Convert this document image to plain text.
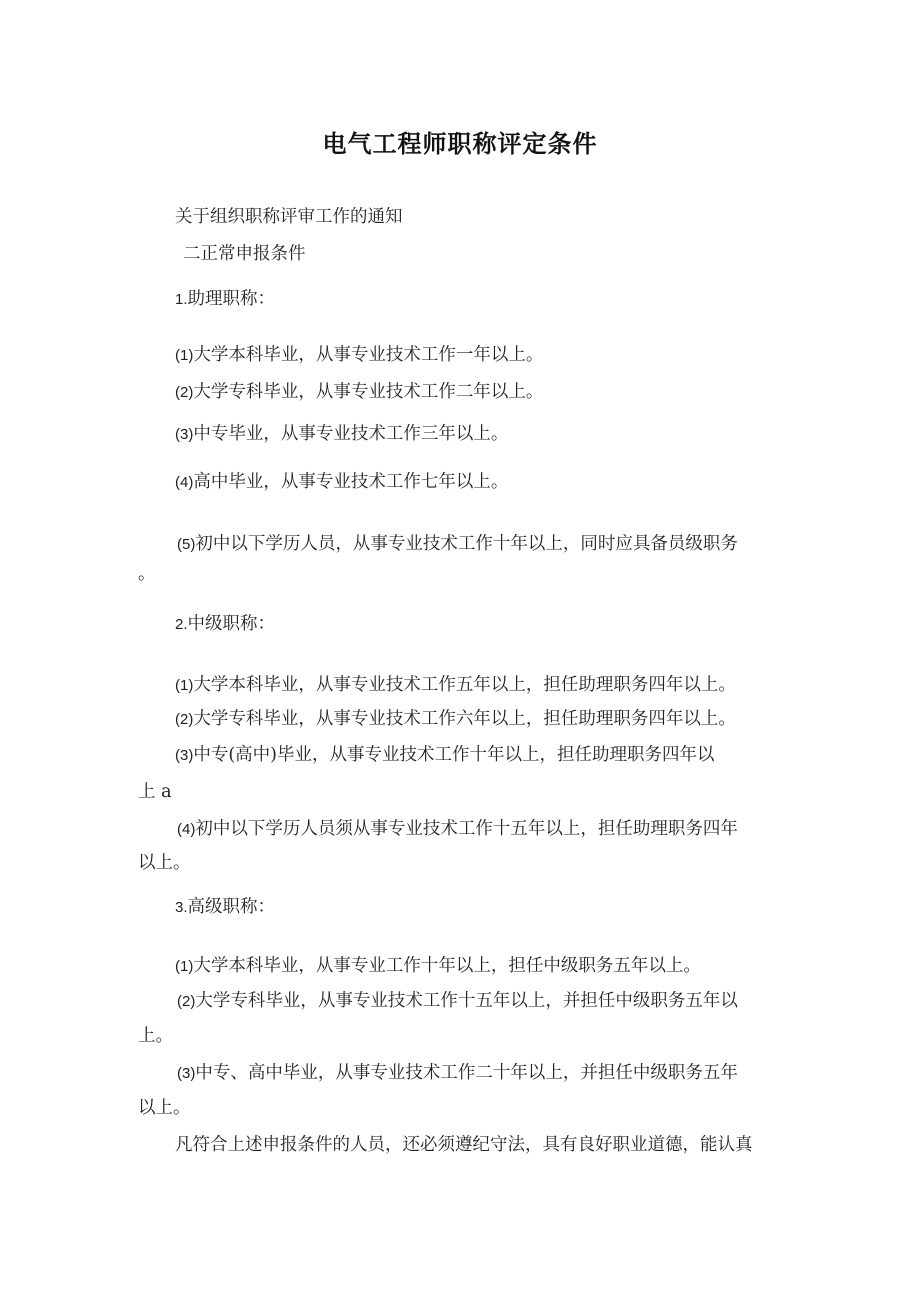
电气工程师职称评定条件
关于组织职称评审工作的通知
二正常申报条件
1.助理职称：
(1)大学本科毕业，从事专业技术工作一年以上。
(2)大学专科毕业，从事专业技术工作二年以上。
(3)中专毕业，从事专业技术工作三年以上。
(4)高中毕业，从事专业技术工作七年以上。
(5)初中以下学历人员，从事专业技术工作十年以上，同时应具备员级职务
。
2.中级职称：
(1)大学本科毕业，从事专业技术工作五年以上，担任助理职务四年以上。
(2)大学专科毕业，从事专业技术工作六年以上，担任助理职务四年以上。
(3)中专(高中)毕业，从事专业技术工作十年以上，担任助理职务四年以
上 a
(4)初中以下学历人员须从事专业技术工作十五年以上，担任助理职务四年
以上。
3.高级职称：
(1)大学本科毕业，从事专业工作十年以上，担任中级职务五年以上。
(2)大学专科毕业，从事专业技术工作十五年以上，并担任中级职务五年以
上。
(3)中专、高中毕业，从事专业技术工作二十年以上，并担任中级职务五年
以上。
凡符合上述申报条件的人员，还必须遵纪守法，具有良好职业道德，能认真
